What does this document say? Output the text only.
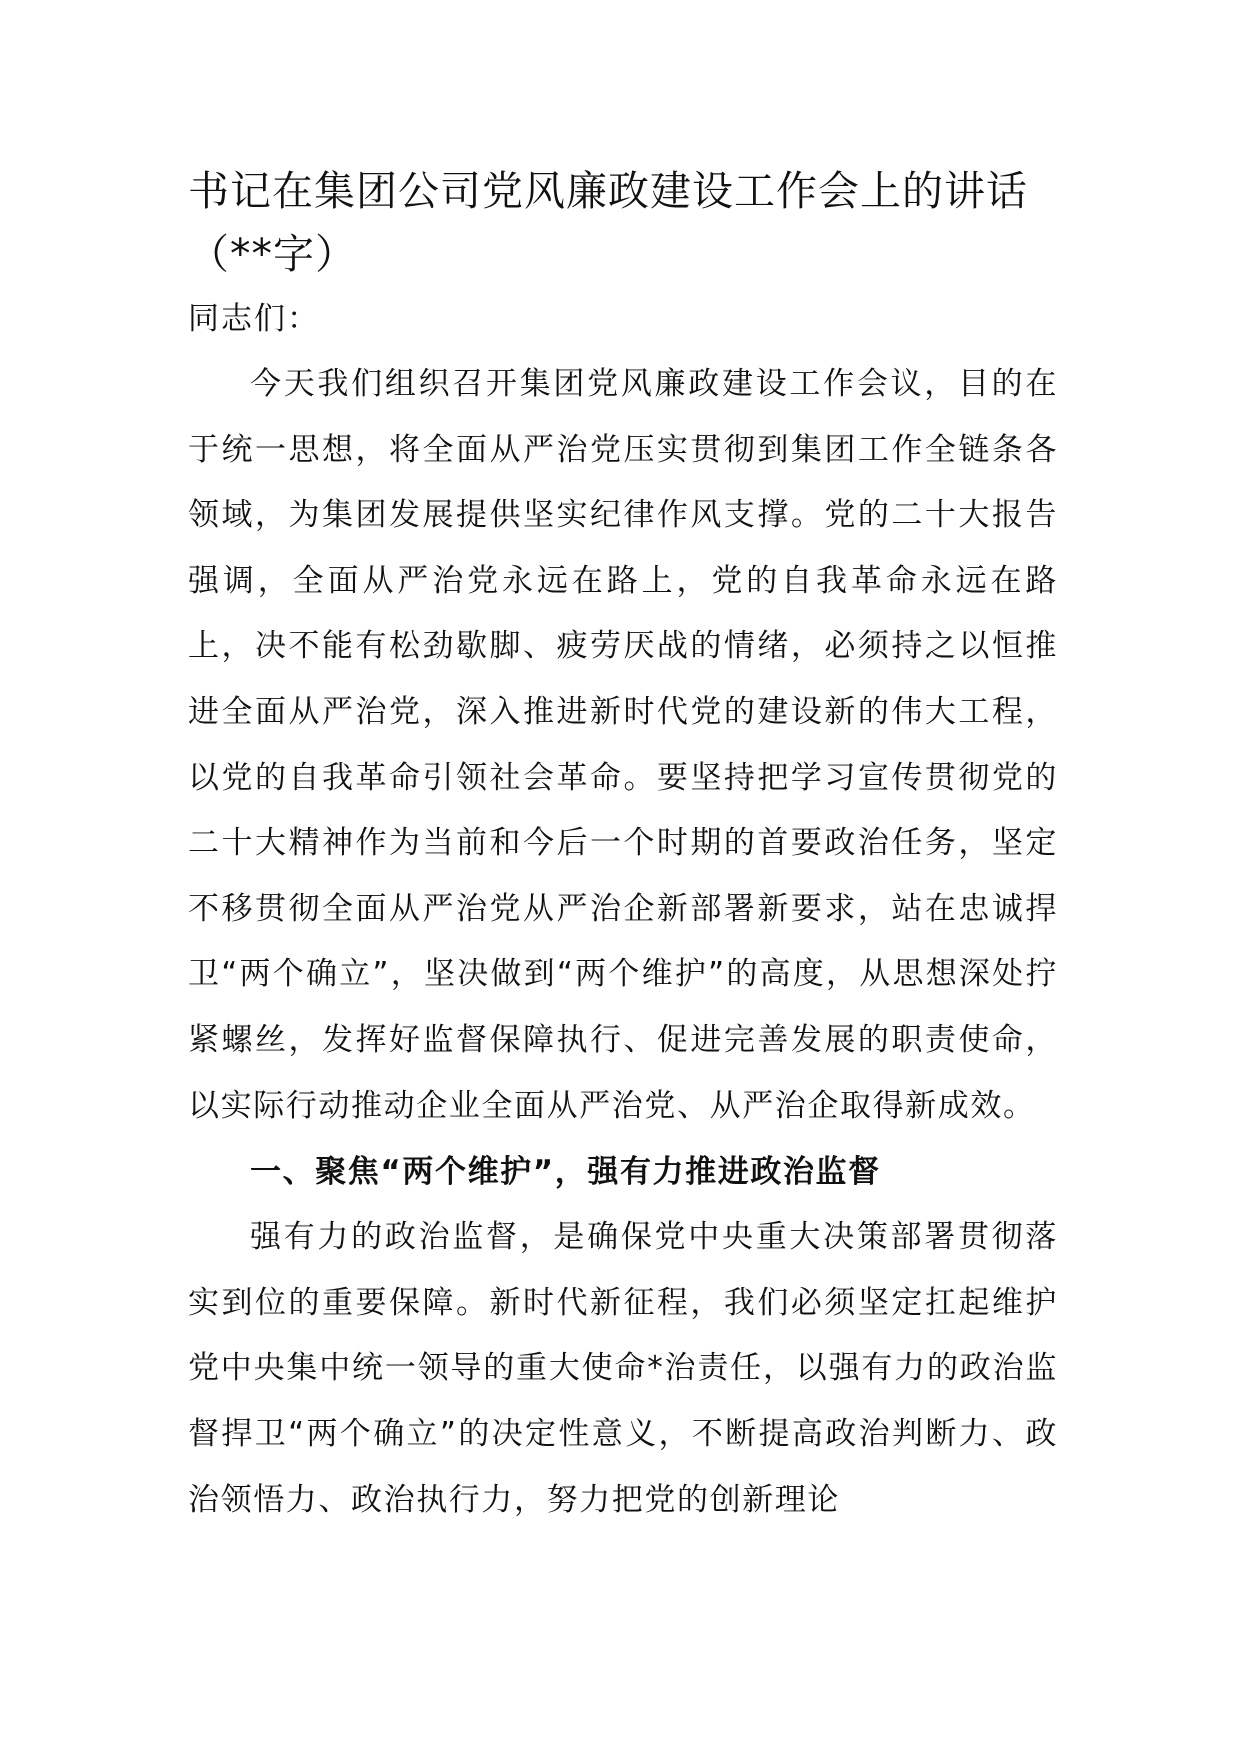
书记在集团公司党风廉政建设工作会上的讲话（**字）

同志们：

今天我们组织召开集团党风廉政建设工作会议，目的在于统一思想，将全面从严治党压实贯彻到集团工作全链条各领域，为集团发展提供坚实纪律作风支撑。党的二十大报告强调，全面从严治党永远在路上，党的自我革命永远在路上，决不能有松劲歇脚、疲劳厌战的情绪，必须持之以恒推进全面从严治党，深入推进新时代党的建设新的伟大工程，以党的自我革命引领社会革命。要坚持把学习宣传贯彻党的二十大精神作为当前和今后一个时期的首要政治任务，坚定不移贯彻全面从严治党从严治企新部署新要求，站在忠诚捍卫“两个确立”，坚决做到“两个维护”的高度，从思想深处拧紧螺丝，发挥好监督保障执行、促进完善发展的职责使命，以实际行动推动企业全面从严治党、从严治企取得新成效。

一、聚焦“两个维护”，强有力推进政治监督

强有力的政治监督，是确保党中央重大决策部署贯彻落实到位的重要保障。新时代新征程，我们必须坚定扛起维护党中央集中统一领导的重大使命*治责任，以强有力的政治监督捍卫“两个确立”的决定性意义，不断提高政治判断力、政治领悟力、政治执行力，努力把党的创新理论
